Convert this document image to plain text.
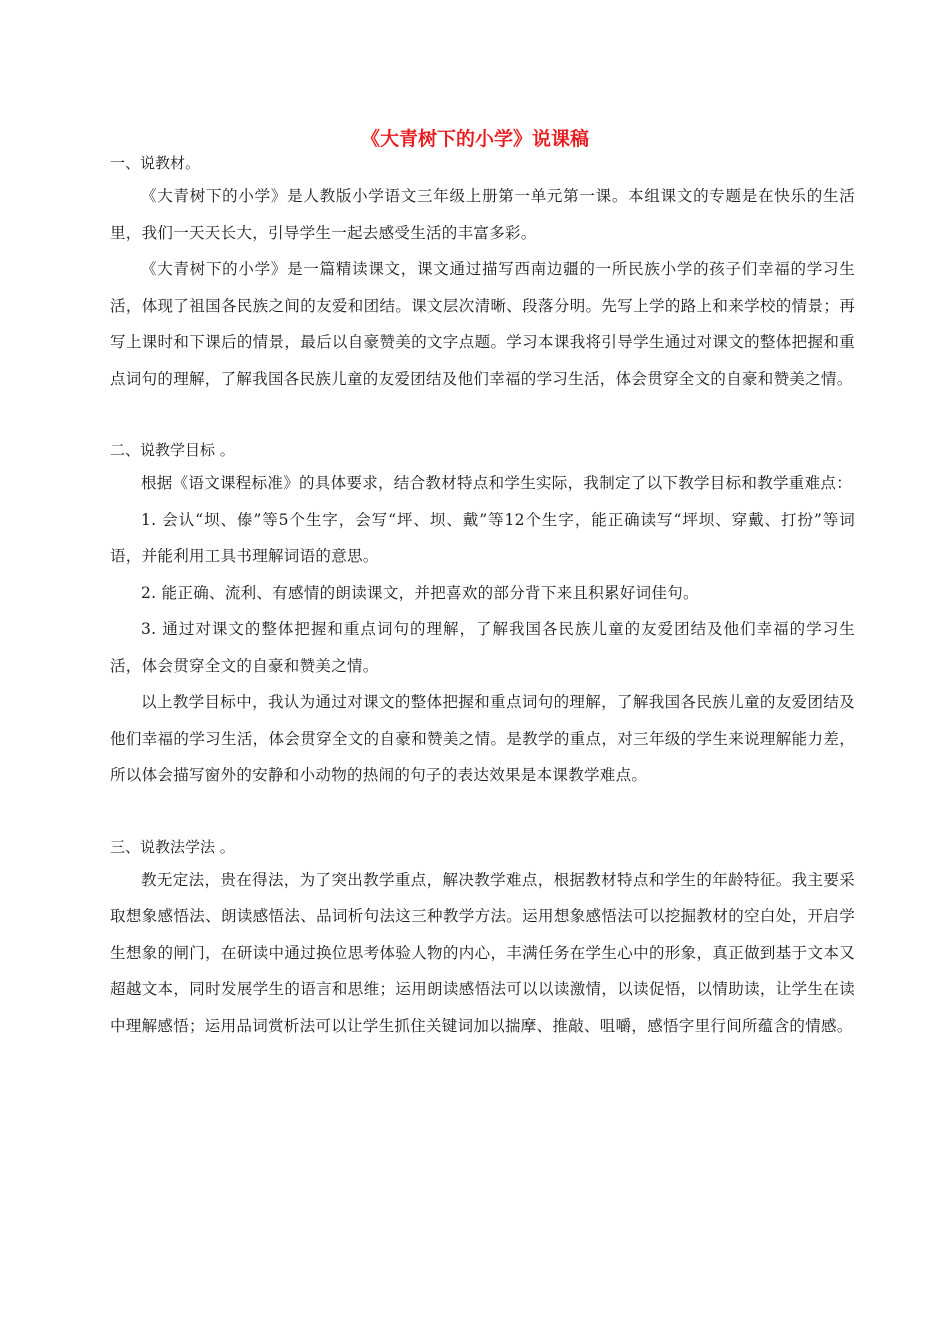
《大青树下的小学》说课稿

一、说教材。

《大青树下的小学》是人教版小学语文三年级上册第一单元第一课。本组课文的专题是在快乐的生活里，我们一天天长大，引导学生一起去感受生活的丰富多彩。

《大青树下的小学》是一篇精读课文，课文通过描写西南边疆的一所民族小学的孩子们幸福的学习生活，体现了祖国各民族之间的友爱和团结。课文层次清晰、段落分明。先写上学的路上和来学校的情景；再写上课时和下课后的情景，最后以自豪赞美的文字点题。学习本课我将引导学生通过对课文的整体把握和重点词句的理解，了解我国各民族儿童的友爱团结及他们幸福的学习生活，体会贯穿全文的自豪和赞美之情。

二、说教学目标 。

根据《语文课程标准》的具体要求，结合教材特点和学生实际，我制定了以下教学目标和教学重难点：

1. 会认“坝、傣”等5个生字，会写“坪、坝、戴”等12个生字，能正确读写“坪坝、穿戴、打扮”等词语，并能利用工具书理解词语的意思。

2. 能正确、流利、有感情的朗读课文，并把喜欢的部分背下来且积累好词佳句。

3. 通过对课文的整体把握和重点词句的理解，了解我国各民族儿童的友爱团结及他们幸福的学习生活，体会贯穿全文的自豪和赞美之情。

以上教学目标中，我认为通过对课文的整体把握和重点词句的理解，了解我国各民族儿童的友爱团结及他们幸福的学习生活，体会贯穿全文的自豪和赞美之情。是教学的重点，对三年级的学生来说理解能力差，所以体会描写窗外的安静和小动物的热闹的句子的表达效果是本课教学难点。

三、说教法学法 。

教无定法，贵在得法，为了突出教学重点，解决教学难点，根据教材特点和学生的年龄特征。我主要采取想象感悟法、朗读感悟法、品词析句法这三种教学方法。运用想象感悟法可以挖掘教材的空白处，开启学生想象的闸门，在研读中通过换位思考体验人物的内心，丰满任务在学生心中的形象，真正做到基于文本又超越文本，同时发展学生的语言和思维；运用朗读感悟法可以以读激情，以读促悟，以情助读，让学生在读中理解感悟；运用品词赏析法可以让学生抓住关键词加以揣摩、推敲、咀嚼，感悟字里行间所蕴含的情感。
